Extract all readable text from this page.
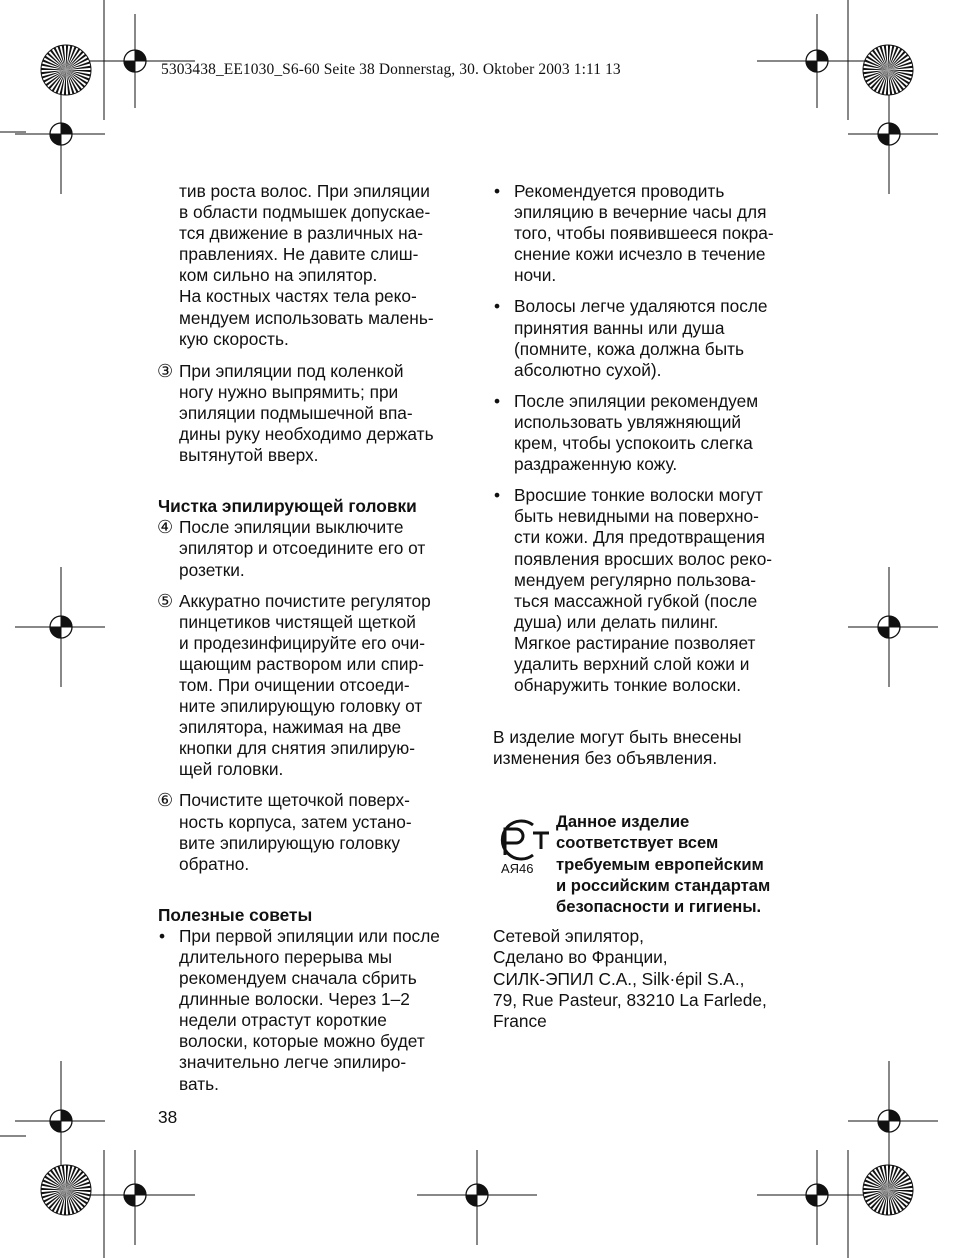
5303438_EE1030_S6-60 Seite 38 Donnerstag, 30. Oktober 2003 1:11 13
тив роста волос. При эпиляции
в области подмышек допускае-
тся движение в различных на-
правлениях. Не давите слиш-
ком сильно на эпилятор.
На костных частях тела реко-
мендуем использовать малень-
кую скорость.
③ При эпиляции под коленкой
ногу нужно выпрямить; при
эпиляции подмышечной впа-
дины руку необходимо держать
вытянутой вверх.
Чистка эпилирующей головки
④ После эпиляции выключите
эпилятор и отсоедините его от
розетки.
⑤ Аккуратно почистите регулятор
пинцетиков чистящей щеткой
и продезинфицируйте его очи-
щающим раствором или спир-
том. При очищении отсоеди-
ните эпилирующую головку от
эпилятора, нажимая на две
кнопки для снятия эпилирую-
щей головки.
⑥ Почистите щеточкой поверх-
ность корпуса, затем устано-
вите эпилирующую головку
обратно.
Полезные советы
• При первой эпиляции или после
длительного перерыва мы
рекомендуем сначала сбрить
длинные волоски. Через 1–2
недели отрастут короткие
волоски, которые можно будет
значительно легче эпилиро-
вать.
• Рекомендуется проводить
эпиляцию в вечерние часы для
того, чтобы появившееся покра-
снение кожи исчезло в течение
ночи.
• Волосы легче удаляются после
принятия ванны или душа
(помните, кожа должна быть
абсолютно сухой).
• После эпиляции рекомендуем
использовать увляжняющий
крем, чтобы успокоить слегка
раздраженную кожу.
• Вросшие тонкие волоски могут
быть невидными на поверхно-
сти кожи. Для предотвращения
появления вросших волос реко-
мендуем регулярно пользова-
ться массажной губкой (после
душа) или делать пилинг.
Мягкое растирание позволяет
удалить верхний слой кожи и
обнаружить тонкие волоски.
В изделие могут быть внесены
изменения без объявления.
АЯ46
Данное изделие
соответствует всем
требуемым европейским
и российским стандартам
безопасности и гигиены.
Сетевой эпилятор,
Сделано во Франции,
СИЛК-ЭПИЛ С.А., Silk·épil S.A.,
79, Rue Pasteur, 83210 La Farlede,
France
38
